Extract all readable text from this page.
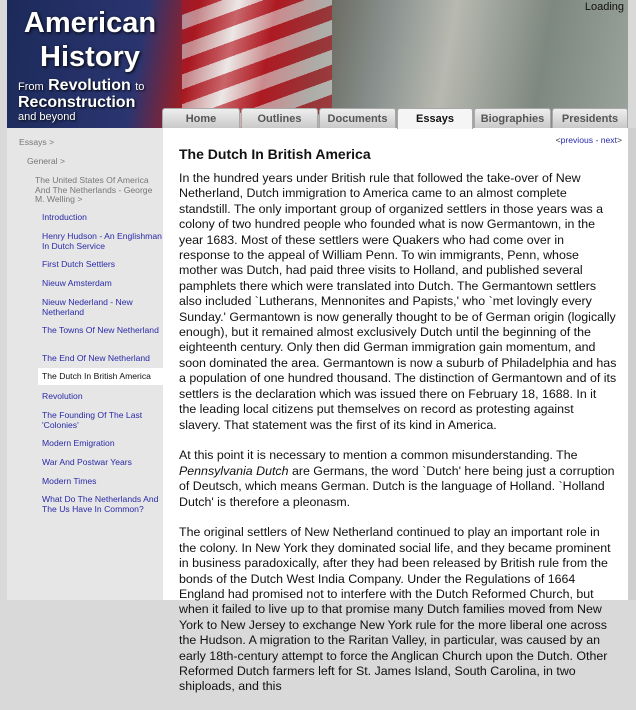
American
History
From Revolution to
Reconstruction
and beyond
Loading
Home	Outlines	Documents	Essays	Biographies	Presidents
Essays >
General >
The United States Of America And The Netherlands - George M. Welling >
Introduction
Henry Hudson - An Englishman In Dutch Service
First Dutch Settlers
Nieuw Amsterdam
Nieuw Nederland - New Netherland
The Towns Of New Netherland
The End Of New Netherland
The Dutch In British America
Revolution
The Founding Of The Last 'Colonies'
Modern Emigration
War And Postwar Years
Modern Times
What Do The Netherlands And The Us Have In Common?
<previous - next>
The Dutch In British America

In the hundred years under British rule that followed the take-over of New Netherland, Dutch immigration to America came to an almost complete standstill. The only important group of organized settlers in those years was a colony of two hundred people who founded what is now Germantown, in the year 1683. Most of these settlers were Quakers who had come over in response to the appeal of William Penn. To win immigrants, Penn, whose mother was Dutch, had paid three visits to Holland, and published several pamphlets there which were translated into Dutch. The Germantown settlers also included `Lutherans, Mennonites and Papists,' who `met lovingly every Sunday.' Germantown is now generally thought to be of German origin (logically enough), but it remained almost exclusively Dutch until the beginning of the eighteenth century. Only then did German immigration gain momentum, and soon dominated the area. Germantown is now a suburb of Philadelphia and has a population of one hundred thousand. The distinction of Germantown and of its settlers is the declaration which was issued there on February 18, 1688. In it the leading local citizens put themselves on record as protesting against slavery. That statement was the first of its kind in America.

At this point it is necessary to mention a common misunderstanding. The Pennsylvania Dutch are Germans, the word `Dutch' here being just a corruption of Deutsch, which means German. Dutch is the language of Holland. `Holland Dutch' is therefore a pleonasm.

The original settlers of New Netherland continued to play an important role in the colony. In New York they dominated social life, and they became prominent in business paradoxically, after they had been released by British rule from the bonds of the Dutch West India Company. Under the Regulations of 1664 England had promised not to interfere with the Dutch Reformed Church, but when it failed to live up to that promise many Dutch families moved from New York to New Jersey to exchange New York rule for the more liberal one across the Hudson. A migration to the Raritan Valley, in particular, was caused by an early 18th-century attempt to force the Anglican Church upon the Dutch. Other Reformed Dutch farmers left for St. James Island, South Carolina, in two shiploads, and this
